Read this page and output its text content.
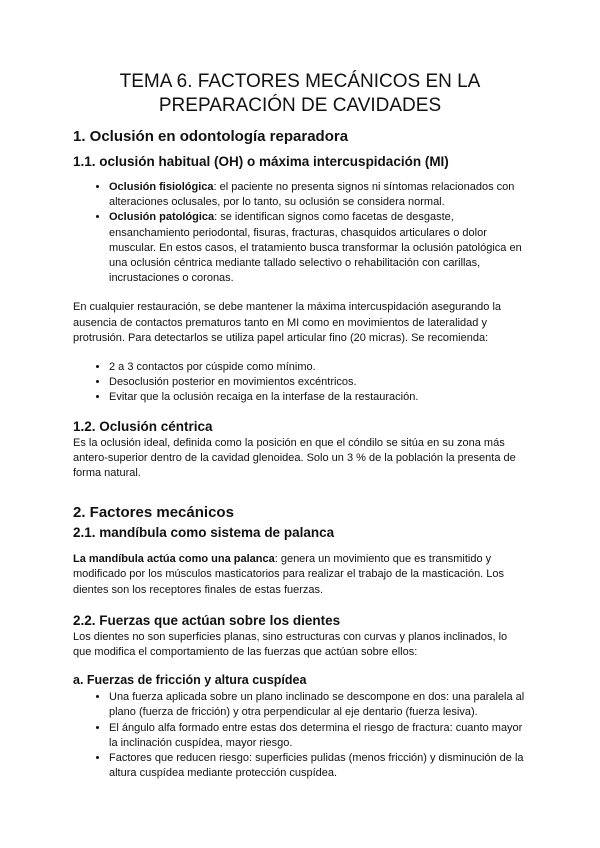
TEMA 6. FACTORES MECÁNICOS EN LA
PREPARACIÓN DE CAVIDADES
1. Oclusión en odontología reparadora
1.1. oclusión habitual (OH) o máxima intercuspidación (MI)
• Oclusión fisiológica: el paciente no presenta signos ni síntomas relacionados con alteraciones oclusales, por lo tanto, su oclusión se considera normal.
• Oclusión patológica: se identifican signos como facetas de desgaste, ensanchamiento periodontal, fisuras, fracturas, chasquidos articulares o dolor muscular. En estos casos, el tratamiento busca transformar la oclusión patológica en una oclusión céntrica mediante tallado selectivo o rehabilitación con carillas, incrustaciones o coronas.

En cualquier restauración, se debe mantener la máxima intercuspidación asegurando la ausencia de contactos prematuros tanto en MI como en movimientos de lateralidad y protrusión. Para detectarlos se utiliza papel articular fino (20 micras). Se recomienda:

• 2 a 3 contactos por cúspide como mínimo.
• Desoclusión posterior en movimientos excéntricos.
• Evitar que la oclusión recaiga en la interfase de la restauración.
1.2. Oclusión céntrica

Es la oclusión ideal, definida como la posición en que el cóndilo se sitúa en su zona más antero-superior dentro de la cavidad glenoidea. Solo un 3 % de la población la presenta de forma natural.

2. Factores mecánicos
2.1. mandíbula como sistema de palanca

La mandíbula actúa como una palanca: genera un movimiento que es transmitido y modificado por los músculos masticatorios para realizar el trabajo de la masticación. Los dientes son los receptores finales de estas fuerzas.

2.2. Fuerzas que actúan sobre los dientes

Los dientes no son superficies planas, sino estructuras con curvas y planos inclinados, lo que modifica el comportamiento de las fuerzas que actúan sobre ellos:

a. Fuerzas de fricción y altura cuspídea
• Una fuerza aplicada sobre un plano inclinado se descompone en dos: una paralela al plano (fuerza de fricción) y otra perpendicular al eje dentario (fuerza lesiva).
• El ángulo alfa formado entre estas dos determina el riesgo de fractura: cuanto mayor la inclinación cuspídea, mayor riesgo.
• Factores que reducen riesgo: superficies pulidas (menos fricción) y disminución de la altura cuspídea mediante protección cuspídea.
